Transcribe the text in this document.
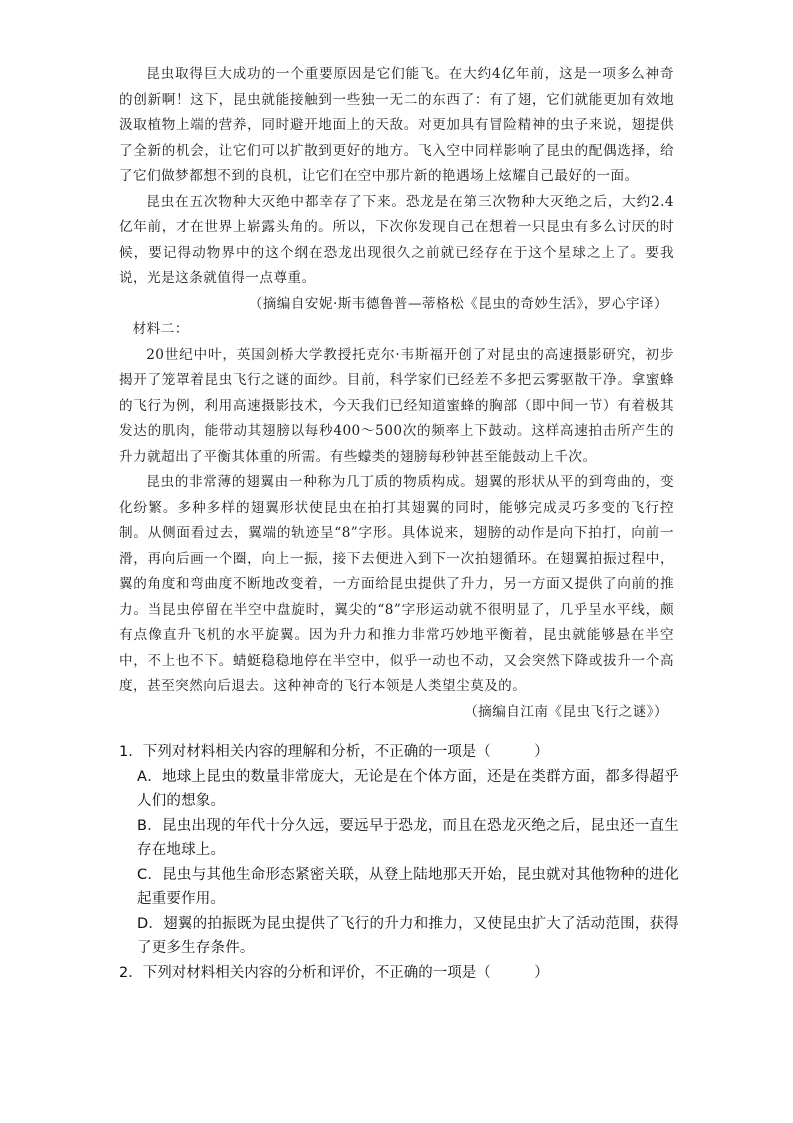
昆虫取得巨大成功的一个重要原因是它们能飞。在大约4亿年前，这是一项多么神奇的创新啊！这下，昆虫就能接触到一些独一无二的东西了：有了翅，它们就能更加有效地汲取植物上端的营养，同时避开地面上的天敌。对更加具有冒险精神的虫子来说，翅提供了全新的机会，让它们可以扩散到更好的地方。飞入空中同样影响了昆虫的配偶选择，给了它们做梦都想不到的良机，让它们在空中那片新的艳遇场上炫耀自己最好的一面。

昆虫在五次物种大灭绝中都幸存了下来。恐龙是在第三次物种大灭绝之后，大约2.4亿年前，才在世界上崭露头角的。所以，下次你发现自己在想着一只昆虫有多么讨厌的时候，要记得动物界中的这个纲在恐龙出现很久之前就已经存在于这个星球之上了。要我说，光是这条就值得一点尊重。

（摘编自安妮·斯韦德鲁普—蒂格松《昆虫的奇妙生活》，罗心宇译）

材料二：

20世纪中叶，英国剑桥大学教授托克尔·韦斯福开创了对昆虫的高速摄影研究，初步揭开了笼罩着昆虫飞行之谜的面纱。目前，科学家们已经差不多把云雾驱散干净。拿蜜蜂的飞行为例，利用高速摄影技术，今天我们已经知道蜜蜂的胸部（即中间一节）有着极其发达的肌肉，能带动其翅膀以每秒400～500次的频率上下鼓动。这样高速拍击所产生的升力就超出了平衡其体重的所需。有些蠓类的翅膀每秒钟甚至能鼓动上千次。

昆虫的非常薄的翅翼由一种称为几丁质的物质构成。翅翼的形状从平的到弯曲的，变化纷繁。多种多样的翅翼形状使昆虫在拍打其翅翼的同时，能够完成灵巧多变的飞行控制。从侧面看过去，翼端的轨迹呈“8”字形。具体说来，翅膀的动作是向下拍打，向前一滑，再向后画一个圈，向上一振，接下去便进入到下一次拍翅循环。在翅翼拍振过程中，翼的角度和弯曲度不断地改变着，一方面给昆虫提供了升力，另一方面又提供了向前的推力。当昆虫停留在半空中盘旋时，翼尖的“8”字形运动就不很明显了，几乎呈水平线，颇有点像直升飞机的水平旋翼。因为升力和推力非常巧妙地平衡着，昆虫就能够悬在半空中，不上也不下。蜻蜓稳稳地停在半空中，似乎一动也不动，又会突然下降或拔升一个高度，甚至突然向后退去。这种神奇的飞行本领是人类望尘莫及的。

（摘编自江南《昆虫飞行之谜》）

1．下列对材料相关内容的理解和分析，不正确的一项是（　　　）

A．地球上昆虫的数量非常庞大，无论是在个体方面，还是在类群方面，都多得超乎人们的想象。

B．昆虫出现的年代十分久远，要远早于恐龙，而且在恐龙灭绝之后，昆虫还一直生存在地球上。

C．昆虫与其他生命形态紧密关联，从登上陆地那天开始，昆虫就对其他物种的进化起重要作用。

D．翅翼的拍振既为昆虫提供了飞行的升力和推力，又使昆虫扩大了活动范围，获得了更多生存条件。

2．下列对材料相关内容的分析和评价，不正确的一项是（　　　）
